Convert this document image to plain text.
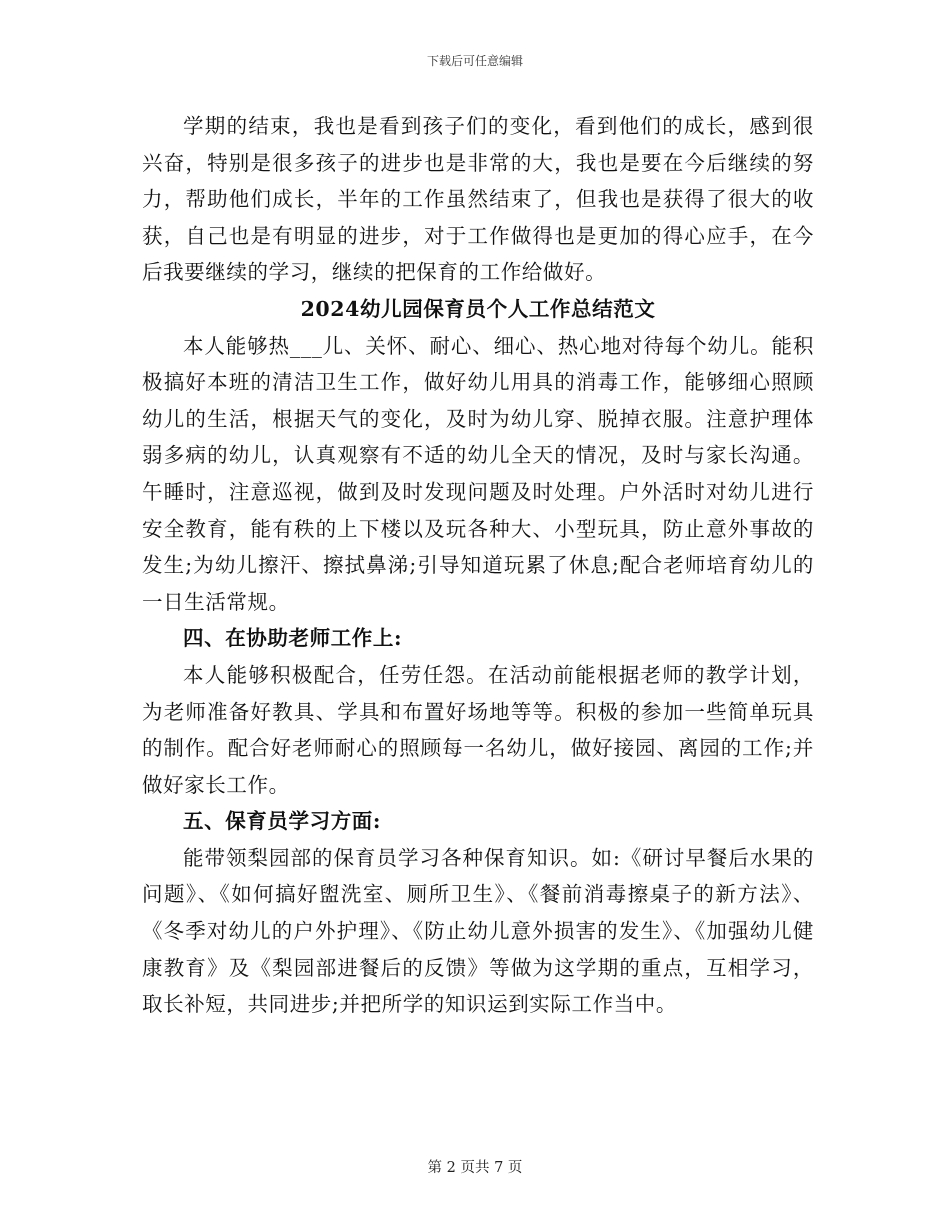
下载后可任意编辑

学期的结束，我也是看到孩子们的变化，看到他们的成长，感到很兴奋，特别是很多孩子的进步也是非常的大，我也是要在今后继续的努力，帮助他们成长，半年的工作虽然结束了，但我也是获得了很大的收获，自己也是有明显的进步，对于工作做得也是更加的得心应手，在今后我要继续的学习，继续的把保育的工作给做好。

2024幼儿园保育员个人工作总结范文

本人能够热___儿、关怀、耐心、细心、热心地对待每个幼儿。能积极搞好本班的清洁卫生工作，做好幼儿用具的消毒工作，能够细心照顾幼儿的生活，根据天气的变化，及时为幼儿穿、脱掉衣服。注意护理体弱多病的幼儿，认真观察有不适的幼儿全天的情况，及时与家长沟通。午睡时，注意巡视，做到及时发现问题及时处理。户外活时对幼儿进行安全教育，能有秩的上下楼以及玩各种大、小型玩具，防止意外事故的发生;为幼儿擦汗、擦拭鼻涕;引导知道玩累了休息;配合老师培育幼儿的一日生活常规。

四、在协助老师工作上:

本人能够积极配合，任劳任怨。在活动前能根据老师的教学计划，为老师准备好教具、学具和布置好场地等等。积极的参加一些简单玩具的制作。配合好老师耐心的照顾每一名幼儿，做好接园、离园的工作;并做好家长工作。

五、保育员学习方面:

能带领梨园部的保育员学习各种保育知识。如:《研讨早餐后水果的问题》、《如何搞好盥洗室、厕所卫生》、《餐前消毒擦桌子的新方法》、《冬季对幼儿的户外护理》、《防止幼儿意外损害的发生》、《加强幼儿健康教育》及《梨园部进餐后的反馈》等做为这学期的重点，互相学习，取长补短，共同进步;并把所学的知识运到实际工作当中。

第 2 页共 7 页
